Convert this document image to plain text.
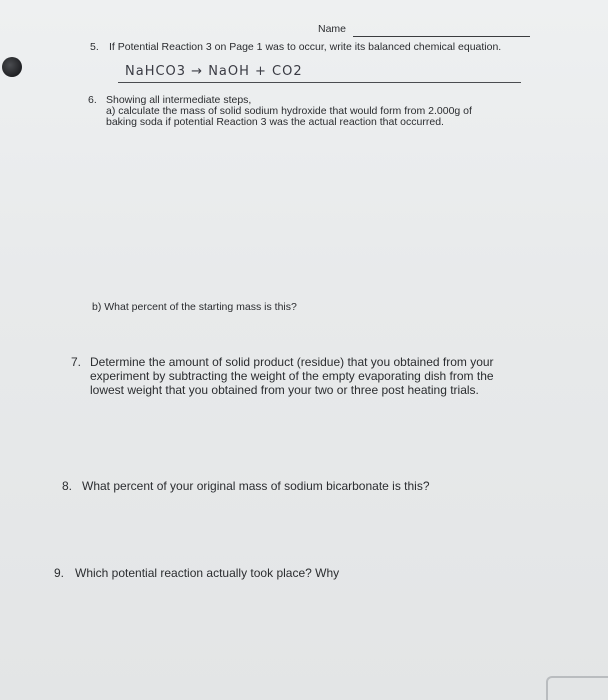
Name
5. If Potential Reaction 3 on Page 1 was to occur, write its balanced chemical equation.
NaHCO3 → NaOH + CO2
6. Showing all intermediate steps,
a) calculate the mass of solid sodium hydroxide that would form from 2.000g of
baking soda if potential Reaction 3 was the actual reaction that occurred.
b) What percent of the starting mass is this?
7. Determine the amount of solid product (residue) that you obtained from your
experiment by subtracting the weight of the empty evaporating dish from the
lowest weight that you obtained from your two or three post heating trials.
8. What percent of your original mass of sodium bicarbonate is this?
9. Which potential reaction actually took place? Why
